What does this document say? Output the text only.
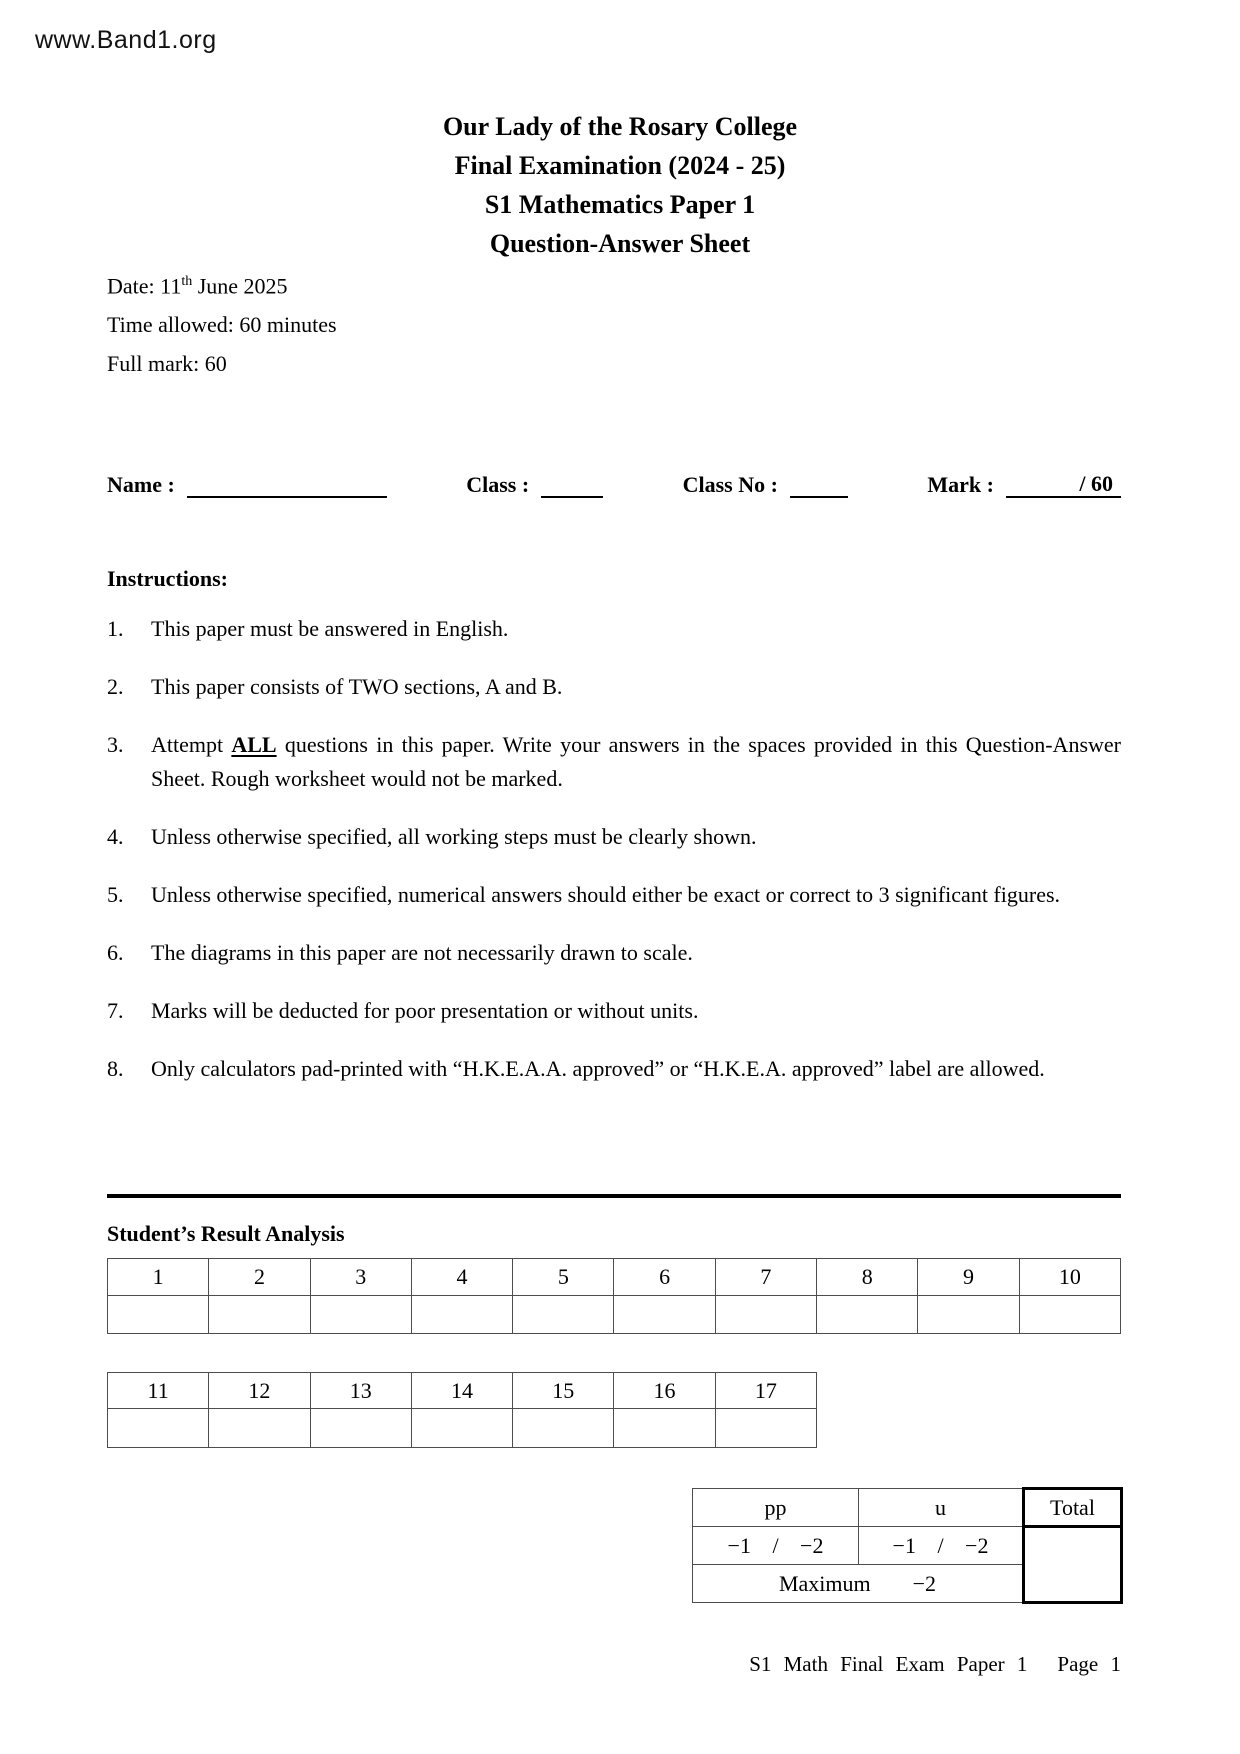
www.Band1.org
Our Lady of the Rosary College
Final Examination (2024 - 25)
S1 Mathematics Paper 1
Question-Answer Sheet
Date: 11th June 2025
Time allowed: 60 minutes
Full mark: 60
Name :	Class :	Class No :	Mark :	/ 60
Instructions:
1.	This paper must be answered in English.
2.	This paper consists of TWO sections, A and B.
3.	Attempt ALL questions in this paper. Write your answers in the spaces provided in this Question-Answer Sheet. Rough worksheet would not be marked.
4.	Unless otherwise specified, all working steps must be clearly shown.
5.	Unless otherwise specified, numerical answers should either be exact or correct to 3 significant figures.
6.	The diagrams in this paper are not necessarily drawn to scale.
7.	Marks will be deducted for poor presentation or without units.
8.	Only calculators pad-printed with “H.K.E.A.A. approved” or “H.K.E.A. approved” label are allowed.
Student’s Result Analysis
1	2	3	4	5	6	7	8	9	10

11	12	13	14	15	16	17

pp	u	Total
−1 / −2	−1 / −2	
Maximum −2		
S1 Math Final Exam Paper 1 Page 1
